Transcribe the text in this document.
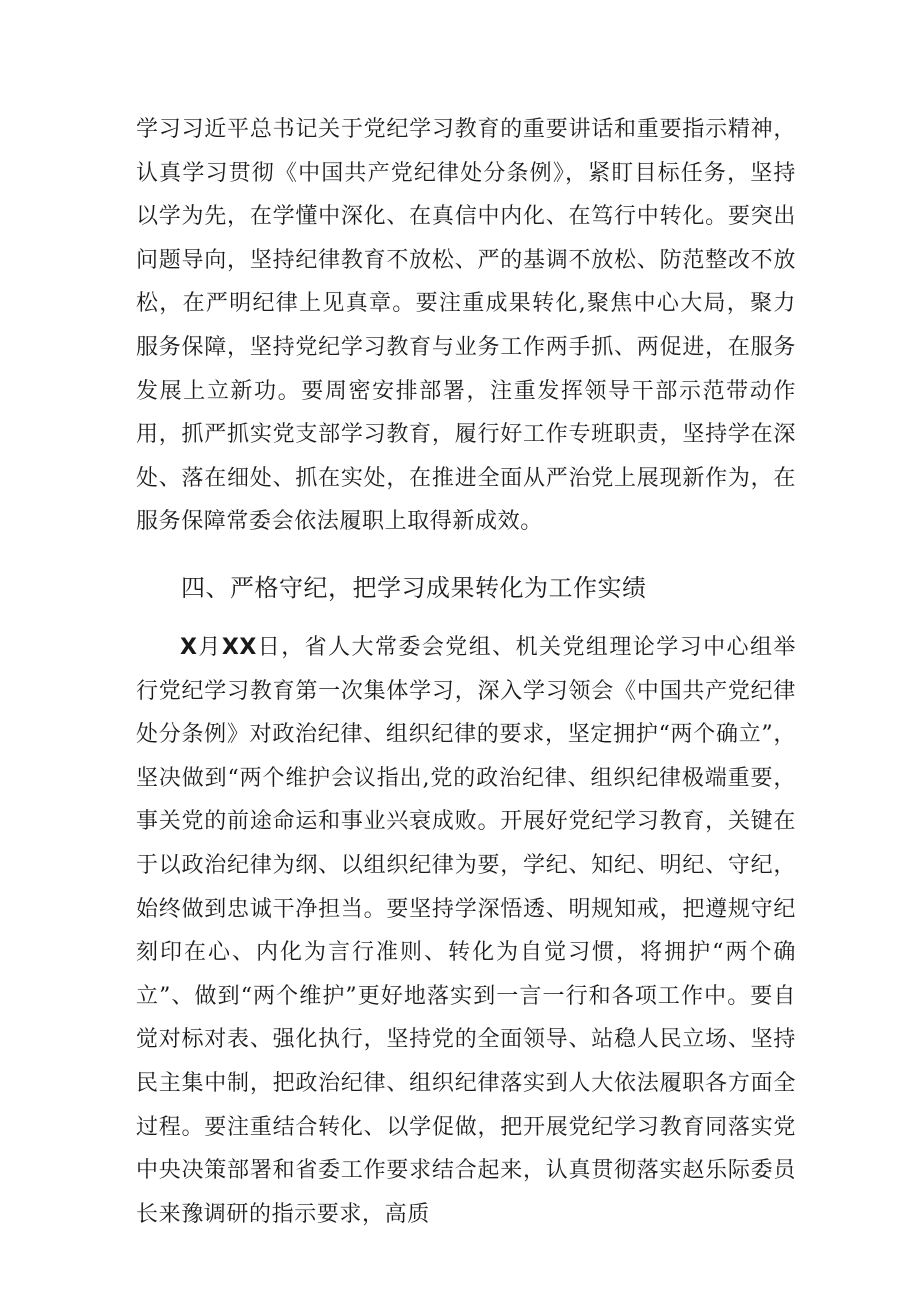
学习习近平总书记关于党纪学习教育的重要讲话和重要指示精神，认真学习贯彻《中国共产党纪律处分条例》，紧盯目标任务，坚持以学为先，在学懂中深化、在真信中内化、在笃行中转化。要突出问题导向，坚持纪律教育不放松、严的基调不放松、防范整改不放松，在严明纪律上见真章。要注重成果转化,聚焦中心大局，聚力服务保障，坚持党纪学习教育与业务工作两手抓、两促进，在服务发展上立新功。要周密安排部署，注重发挥领导干部示范带动作用，抓严抓实党支部学习教育，履行好工作专班职责，坚持学在深处、落在细处、抓在实处，在推进全面从严治党上展现新作为，在服务保障常委会依法履职上取得新成效。

四、严格守纪，把学习成果转化为工作实绩

X月XX日，省人大常委会党组、机关党组理论学习中心组举行党纪学习教育第一次集体学习，深入学习领会《中国共产党纪律处分条例》对政治纪律、组织纪律的要求，坚定拥护“两个确立”，坚决做到“两个维护会议指出,党的政治纪律、组织纪律极端重要，事关党的前途命运和事业兴衰成败。开展好党纪学习教育，关键在于以政治纪律为纲、以组织纪律为要，学纪、知纪、明纪、守纪，始终做到忠诚干净担当。要坚持学深悟透、明规知戒，把遵规守纪刻印在心、内化为言行准则、转化为自觉习惯，将拥护“两个确立”、做到“两个维护”更好地落实到一言一行和各项工作中。要自觉对标对表、强化执行，坚持党的全面领导、站稳人民立场、坚持民主集中制，把政治纪律、组织纪律落实到人大依法履职各方面全过程。要注重结合转化、以学促做，把开展党纪学习教育同落实党中央决策部署和省委工作要求结合起来，认真贯彻落实赵乐际委员长来豫调研的指示要求，高质
